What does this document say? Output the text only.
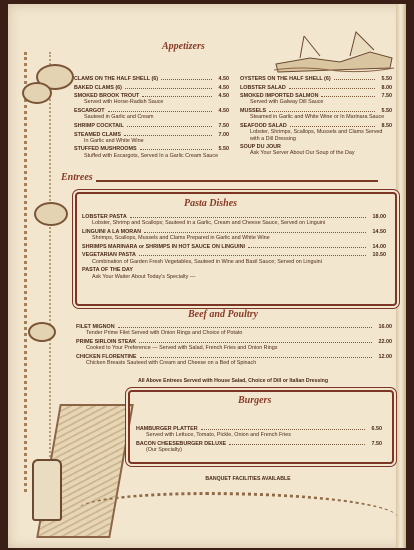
Appetizers
CLAMS ON THE HALF SHELL (6)	4.50
BAKED CLAMS (6)	4.50
SMOKED BROOK TROUT	4.50
Served with Horse-Radish Sauce
ESCARGOT	4.50
Sauteed in Garlic and Cream
SHRIMP COCKTAIL	7.50
STEAMED CLAMS	7.00
In Garlic and White Wine
STUFFED MUSHROOMS	5.50
Stuffed with Escargots, Served In a Garlic Cream Sauce
OYSTERS ON THE HALF SHELL (6)	5.50
LOBSTER SALAD	8.00
SMOKED IMPORTED SALMON	7.50
Served with Galway Dill Sauce
MUSSELS	5.50
Steamed in Garlic and White Wine or In Marinara Sauce
SEAFOOD SALAD	8.50
Lobster, Shrimps, Scallops, Mussels and Clams Served with a Dill Dressing
SOUP DU JOUR
Ask Your Server About Our Soup of the Day
Entrees
Pasta Dishes
LOBSTER PASTA	18.00
Lobster, Shrimp and Scallops; Sauteed in a Garlic, Cream and Cheese Sauce, Served on Linguini
LINGUINI A LA MORAN	14.50
Shrimps, Scallops, Mussels and Clams Prepared in Garlic and White Wine
SHRIMPS MARINARA or SHRIMPS IN HOT SAUCE ON LINGUINI	14.00
VEGETARIAN PASTA	10.50
Combination of Garden Fresh Vegetables, Sauteed in Wine and Basil Sauce; Served on Linguini
PASTA OF THE DAY
Ask Your Waiter About Today's Specialty —
Beef and Poultry
FILET MIGNON	16.00
Tender Prime Filet Served with Onion Rings and Choice of Potato
PRIME SIRLOIN STEAK	22.00
Cooked to Your Preference — Served with Salad, French Fries and Onion Rings
CHICKEN FLORENTINE	12.00
Chicken Breasts Sauteed with Cream and Cheese on a Bed of Spinach
All Above Entrees Served with House Salad, Choice of Dill or Italian Dressing
Burgers
HAMBURGER PLATTER	6.50
Served with Lettuce, Tomato, Pickle, Onion and French Fries
BACON CHEESEBURGER DELUXE	7.50
(Our Specialty)
BANQUET FACILITIES AVAILABLE
